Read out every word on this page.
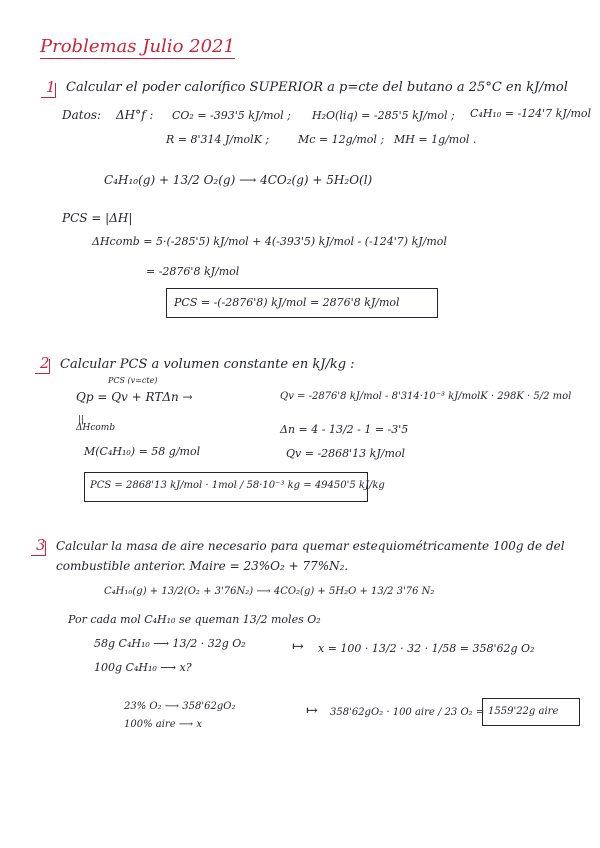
Problemas Julio 2021
1 Calcular el poder calorífico SUPERIOR a p=cte del butano a 25°C en kJ/mol
Datos: ΔH°f : CO₂ = -393'5 kJ/mol ; H₂O(liq) = -285'5 kJ/mol ; C₄H₁₀ = -124'7 kJ/mol
R = 8'314 J/molK ;	Mc = 12g/mol ; MH = 1g/mol .
C₄H₁₀(g) + 13/2 O₂(g) ⟶ 4CO₂(g) + 5H₂O(l)
PCS = |ΔH|
ΔHcomb = 5·(-285'5) kJ/mol + 4(-393'5) kJ/mol - (-124'7) kJ/mol
= -2876'8 kJ/mol
PCS = -(-2876'8) kJ/mol = 2876'8 kJ/mol
2 Calcular PCS a volumen constante en kJ/kg :
PCS (v=cte)
Qp = Qv + RTΔn →
||
ΔHcomb
Qv = -2876'8 kJ/mol - 8'314·10⁻³ kJ/molK · 298K · 5/2 mol
Δn = 4 - 13/2 - 1 = -3'5
M(C₄H₁₀) = 58 g/mol	Qv = -2868'13 kJ/mol
PCS = 2868'13 kJ/mol · 1mol / 58·10⁻³ kg = 49450'5 kJ/kg
3 Calcular la masa de aire necesario para quemar estequiométricamente 100g de del
combustible anterior. Maire = 23%O₂ + 77%N₂.
C₄H₁₀(g) + 13/2(O₂ + 3'76N₂) ⟶ 4CO₂(g) + 5H₂O + 13/2 3'76 N₂
Por cada mol C₄H₁₀ se queman 13/2 moles O₂
58g C₄H₁₀ ⟶ 13/2 · 32g O₂
100g C₄H₁₀ ⟶ x?
↦ x = 100 · 13/2 · 32 · 1/58 = 358'62g O₂
23% O₂ ⟶ 358'62gO₂
100% aire ⟶ x
↦ 358'62gO₂ · 100 aire / 23 O₂ = 1559'22g aire
